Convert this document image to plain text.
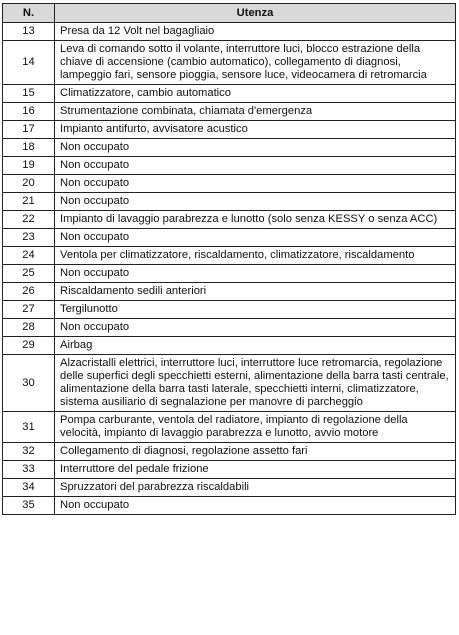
N.	Utenza
13	Presa da 12 Volt nel bagagliaio
14	Leva di comando sotto il volante, interruttore luci, blocco estrazione della chiave di accensione (cambio automatico), collegamento di diagnosi, lampeggio fari, sensore pioggia, sensore luce, videocamera di retromarcia
15	Climatizzatore, cambio automatico
16	Strumentazione combinata, chiamata d'emergenza
17	Impianto antifurto, avvisatore acustico
18	Non occupato
19	Non occupato
20	Non occupato
21	Non occupato
22	Impianto di lavaggio parabrezza e lunotto (solo senza KESSY o senza ACC)
23	Non occupato
24	Ventola per climatizzatore, riscaldamento, climatizzatore, riscaldamento
25	Non occupato
26	Riscaldamento sedili anteriori
27	Tergilunotto
28	Non occupato
29	Airbag
30	Alzacristalli elettrici, interruttore luci, interruttore luce retromarcia, regolazione delle superfici degli specchietti esterni, alimentazione della barra tasti centrale, alimentazione della barra tasti laterale, specchietti interni, climatizzatore, sistema ausiliario di segnalazione per manovre di parcheggio
31	Pompa carburante, ventola del radiatore, impianto di regolazione della velocità, impianto di lavaggio parabrezza e lunotto, avvio motore
32	Collegamento di diagnosi, regolazione assetto fari
33	Interruttore del pedale frizione
34	Spruzzatori del parabrezza riscaldabili
35	Non occupato
